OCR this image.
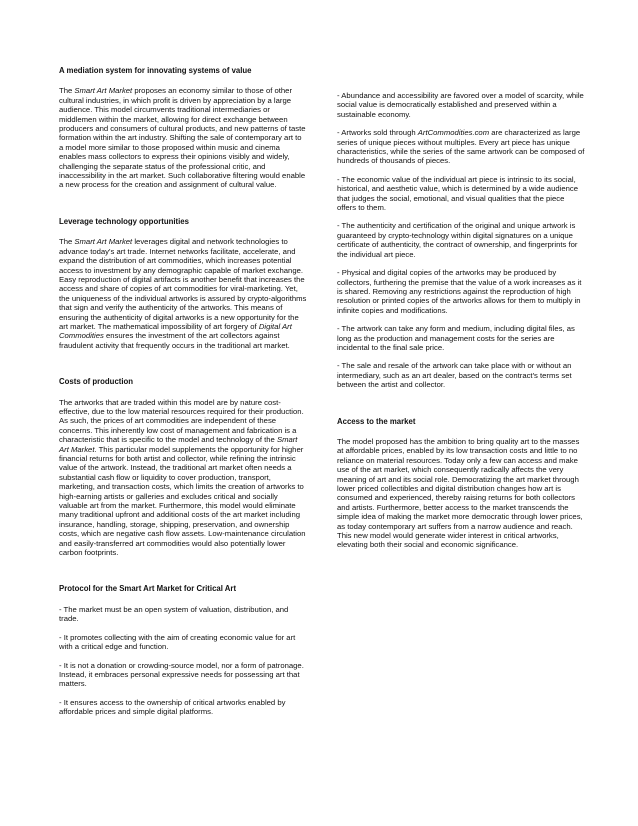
A mediation system for innovating systems of value

The Smart Art Market proposes an economy similar to those of other cultural industries, in which profit is driven by appreciation by a large audience. This model circumvents traditional intermediaries or middlemen within the market, allowing for direct exchange between producers and consumers of cultural products, and new patterns of taste formation within the art industry. Shifting the sale of contemporary art to a model more similar to those proposed within music and cinema enables mass collectors to express their opinions visibly and widely, challenging the separate status of the professional critic, and inaccessibility in the art market. Such collaborative filtering would enable a new process for the creation and assignment of cultural value.

Leverage technology opportunities

The Smart Art Market leverages digital and network technologies to advance today's art trade. Internet networks facilitate, accelerate, and expand the distribution of art commodities, which increases potential access to investment by any demographic capable of market exchange. Easy reproduction of digital artifacts is another benefit that increases the access and share of copies of art commodities for viral-marketing. Yet, the uniqueness of the individual artworks is assured by crypto-algorithms that sign and verify the authenticity of the artworks. This means of ensuring the authenticity of digital artworks is a new opportunity for the art market. The mathematical impossibility of art forgery of Digital Art Commodities ensures the investment of the art collectors against fraudulent activity that frequently occurs in the traditional art market.

Costs of production

The artworks that are traded within this model are by nature cost-effective, due to the low material resources required for their production. As such, the prices of art commodities are independent of these concerns. This inherently low cost of management and fabrication is a characteristic that is specific to the model and technology of the Smart Art Market. This particular model supplements the opportunity for higher financial returns for both artist and collector, while refining the intrinsic value of the artwork. Instead, the traditional art market often needs a substantial cash flow or liquidity to cover production, transport, marketing, and transaction costs, which limits the creation of artworks to high-earning artists or galleries and excludes critical and socially valuable art from the market. Furthermore, this model would eliminate many traditional upfront and additional costs of the art market including insurance, handling, storage, shipping, preservation, and ownership costs, which are negative cash flow assets. Low-maintenance circulation and easily-transferred art commodities would also potentially lower carbon footprints.

Protocol for the Smart Art Market for Critical Art

- The market must be an open system of valuation, distribution, and trade.

- It promotes collecting with the aim of creating economic value for art with a critical edge and function.

- It is not a donation or crowding-source model, nor a form of patronage. Instead, it embraces personal expressive needs for possessing art that matters.

- It ensures access to the ownership of critical artworks enabled by affordable prices and simple digital platforms.

- Abundance and accessibility are favored over a model of scarcity, while social value is democratically established and preserved within a sustainable economy.

- Artworks sold through ArtCommodities.com are characterized as large series of unique pieces without multiples. Every art piece has unique characteristics, while the series of the same artwork can be composed of hundreds of thousands of pieces.

- The economic value of the individual art piece is intrinsic to its social, historical, and aesthetic value, which is determined by a wide audience that judges the social, emotional, and visual qualities that the piece offers to them.

- The authenticity and certification of the original and unique artwork is guaranteed by crypto-technology within digital signatures on a unique certificate of authenticity, the contract of ownership, and fingerprints for the individual art piece.

- Physical and digital copies of the artworks may be produced by collectors, furthering the premise that the value of a work increases as it is shared. Removing any restrictions against the reproduction of high resolution or printed copies of the artworks allows for them to multiply in infinite copies and modifications.

- The artwork can take any form and medium, including digital files, as long as the production and management costs for the series are incidental to the final sale price.

- The sale and resale of the artwork can take place with or without an intermediary, such as an art dealer, based on the contract's terms set between the artist and collector.

Access to the market

The model proposed has the ambition to bring quality art to the masses at affordable prices, enabled by its low transaction costs and little to no reliance on material resources. Today only a few can access and make use of the art market, which consequently radically affects the very meaning of art and its social role. Democratizing the art market through lower priced collectibles and digital distribution changes how art is consumed and experienced, thereby raising returns for both collectors and artists. Furthermore, better access to the market transcends the simple idea of making the market more democratic through lower prices, as today contemporary art suffers from a narrow audience and reach. This new model would generate wider interest in critical artworks, elevating both their social and economic significance.
